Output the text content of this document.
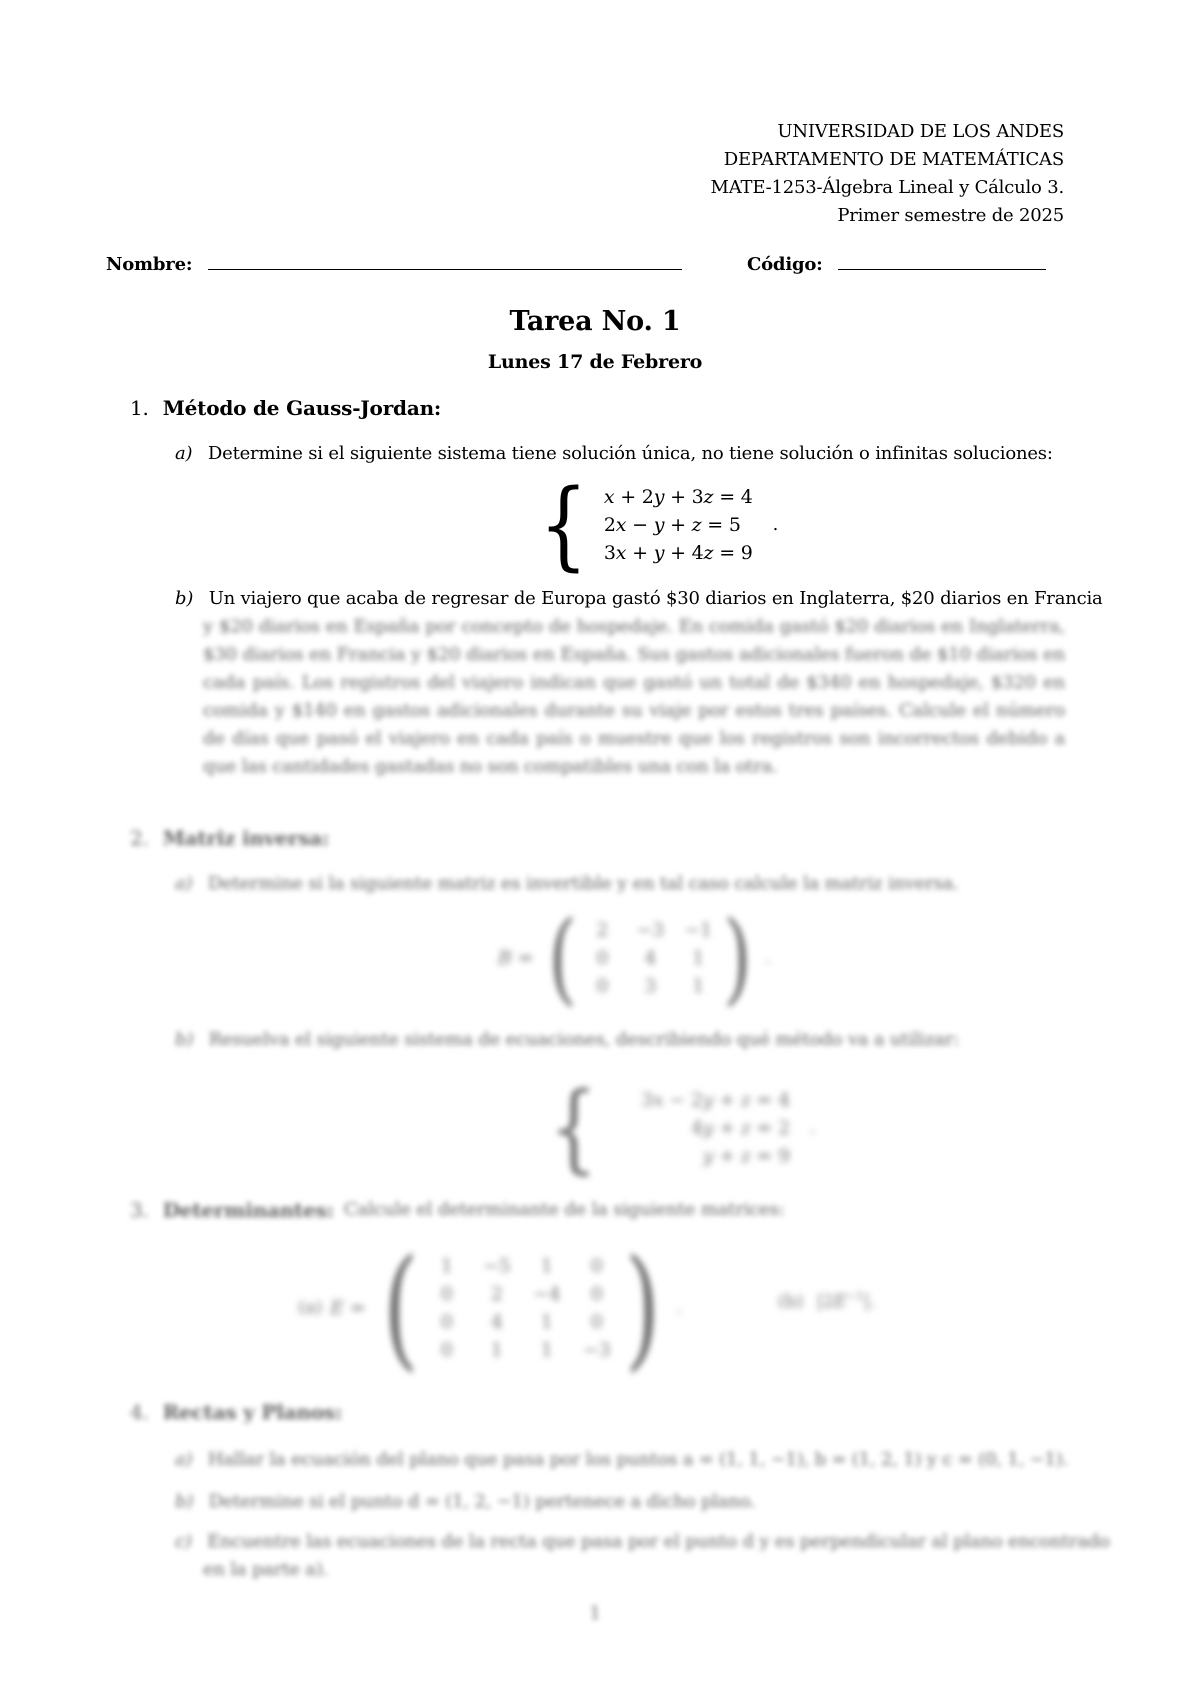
UNIVERSIDAD DE LOS ANDES
DEPARTAMENTO DE MATEMÁTICAS
MATE-1253-Álgebra Lineal y Cálculo 3.
Primer semestre de 2025
Nombre:	Código:
Tarea No. 1
Lunes 17 de Febrero
1. Método de Gauss-Jordan:
a) Determine si el siguiente sistema tiene solución única, no tiene solución o infinitas soluciones:
{ x + 2y + 3z = 4
2x − y + z = 5
3x + y + 4z = 9
.
b) Un viajero que acaba de regresar de Europa gastó $30 diarios en Inglaterra, $20 diarios en Francia
y $20 diarios en España por concepto de hospedaje. En comida gastó $20 diarios en Inglaterra, $30 diarios en Francia y $20 diarios en España. Sus gastos adicionales fueron de $10 diarios en cada país. Los registros del viajero indican que gastó un total de $340 en hospedaje, $320 en comida y $140 en gastos adicionales durante su viaje por estos tres países. Calcule el número de días que pasó el viajero en cada país o muestre que los registros son incorrectos debido a que las cantidades gastadas no son compatibles una con la otra.
2. Matriz inversa:
a) Determine si la siguiente matriz es invertible y en tal caso calcule la matriz inversa.
B = ( 2	−3 −1
0	4	1
0	3	1 ) .
b) Resuelva el siguiente sistema de ecuaciones, describiendo qué método va a utilizar:
{ 3x − 2y + z = 4
4y + z = 2
y + z = 9
.
3. Determinantes: Calcule el determinante de la siguiente matrices:
(a) E = (	1	−5	1	0
0	2	−4	0
0	4	1	0
0	1	1	−3 ) .	(b) $|2E^{-1}|$.
4. Rectas y Planos:
a) Hallar la ecuación del plano que pasa por los puntos a = (1, 1, −1), b = (1, 2, 1) y c = (0, 1, −1).
b) Determine si el punto d = (1, 2, −1) pertenece a dicho plano.
c) Encuentre las ecuaciones de la recta que pasa por el punto d y es perpendicular al plano encontrado
en la parte a).
1
